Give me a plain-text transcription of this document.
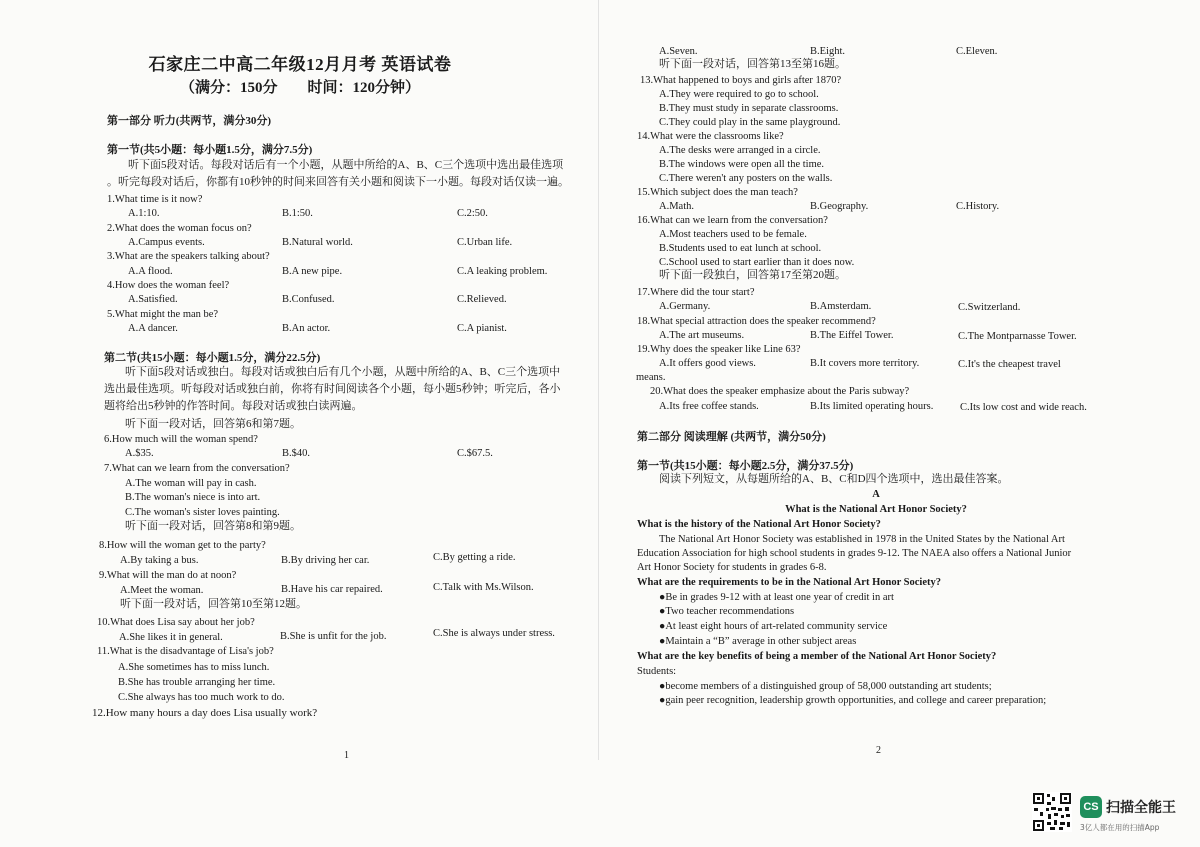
石家庄二中高二年级12月月考 英语试卷
（满分：150分　　时间：120分钟）
第一部分 听力(共两节，满分30分)
第一节(共5小题：每小题1.5分，满分7.5分)
听下面5段对话。每段对话后有一个小题，从题中所给的A、B、C三个选项中选出最佳选项
。听完每段对话后，你都有10秒钟的时间来回答有关小题和阅读下一小题。每段对话仅读一遍。
1.What time is it now?
A.1:10.	B.1:50.	C.2:50.
2.What does the woman focus on?
A.Campus events.	B.Natural world.	C.Urban life.
3.What are the speakers talking about?
A.A flood.	B.A new pipe.	C.A leaking problem.
4.How does the woman feel?
A.Satisfied.	B.Confused.	C.Relieved.
5.What might the man be?
A.A dancer.	B.An actor.	C.A pianist.
第二节(共15小题：每小题1.5分，满分22.5分)
听下面5段对话或独白。每段对话或独白后有几个小题，从题中所给的A、B、C三个选项中
选出最佳选项。听每段对话或独白前，你将有时间阅读各个小题，每小题5秒钟；听完后，各小
题将给出5秒钟的作答时间。每段对话或独白读两遍。
听下面一段对话，回答第6和第7题。
6.How much will the woman spend?
A.$35.	B.$40.	C.$67.5.
7.What can we learn from the conversation?
A.The woman will pay in cash.
B.The woman's niece is into art.
C.The woman's sister loves painting.
听下面一段对话，回答第8和第9题。
8.How will the woman get to the party?
A.By taking a bus.	B.By driving her car.	C.By getting a ride.
9.What will the man do at noon?
A.Meet the woman.	B.Have his car repaired.	C.Talk with Ms.Wilson.
听下面一段对话，回答第10至第12题。
10.What does Lisa say about her job?
A.She likes it in general.	B.She is unfit for the job.	C.She is always under stress.
11.What is the disadvantage of Lisa's job?
A.She sometimes has to miss lunch.
B.She has trouble arranging her time.
C.She always has too much work to do.
12.How many hours a day does Lisa usually work?
1
A.Seven.	B.Eight.	C.Eleven.
听下面一段对话，回答第13至第16题。
13.What happened to boys and girls after 1870?
A.They were required to go to school.
B.They must study in separate classrooms.
C.They could play in the same playground.
14.What were the classrooms like?
A.The desks were arranged in a circle.
B.The windows were open all the time.
C.There weren't any posters on the walls.
15.Which subject does the man teach?
A.Math.	B.Geography.	C.History.
16.What can we learn from the conversation?
A.Most teachers used to be female.
B.Students used to eat lunch at school.
C.School used to start earlier than it does now.
听下面一段独白，回答第17至第20题。
17.Where did the tour start?
A.Germany.	B.Amsterdam.	C.Switzerland.
18.What special attraction does the speaker recommend?
A.The art museums.	B.The Eiffel Tower.	C.The Montparnasse Tower.
19.Why does the speaker like Line 63?
A.It offers good views.	B.It covers more territory.	C.It's the cheapest travel
means.
20.What does the speaker emphasize about the Paris subway?
A.Its free coffee stands.	B.Its limited operating hours.	C.Its low cost and wide reach.
第二部分 阅读理解 (共两节，满分50分)
第一节(共15小题：每小题2.5分，满分37.5分)
阅读下列短文，从每题所给的A、B、C和D四个选项中，选出最佳答案。
A
What is the National Art Honor Society?
What is the history of the National Art Honor Society?
The National Art Honor Society was established in 1978 in the United States by the National Art
Education Association for high school students in grades 9-12. The NAEA also offers a National Junior
Art Honor Society for students in grades 6-8.
What are the requirements to be in the National Art Honor Society?
●Be in grades 9-12 with at least one year of credit in art
●Two teacher recommendations
●At least eight hours of art-related community service
●Maintain a “B” average in other subject areas
What are the key benefits of being a member of the National Art Honor Society?
Students:
●become members of a distinguished group of 58,000 outstanding art students;
●gain peer recognition, leadership growth opportunities, and college and career preparation;
2
CS 扫描全能王
3亿人都在用的扫描App
